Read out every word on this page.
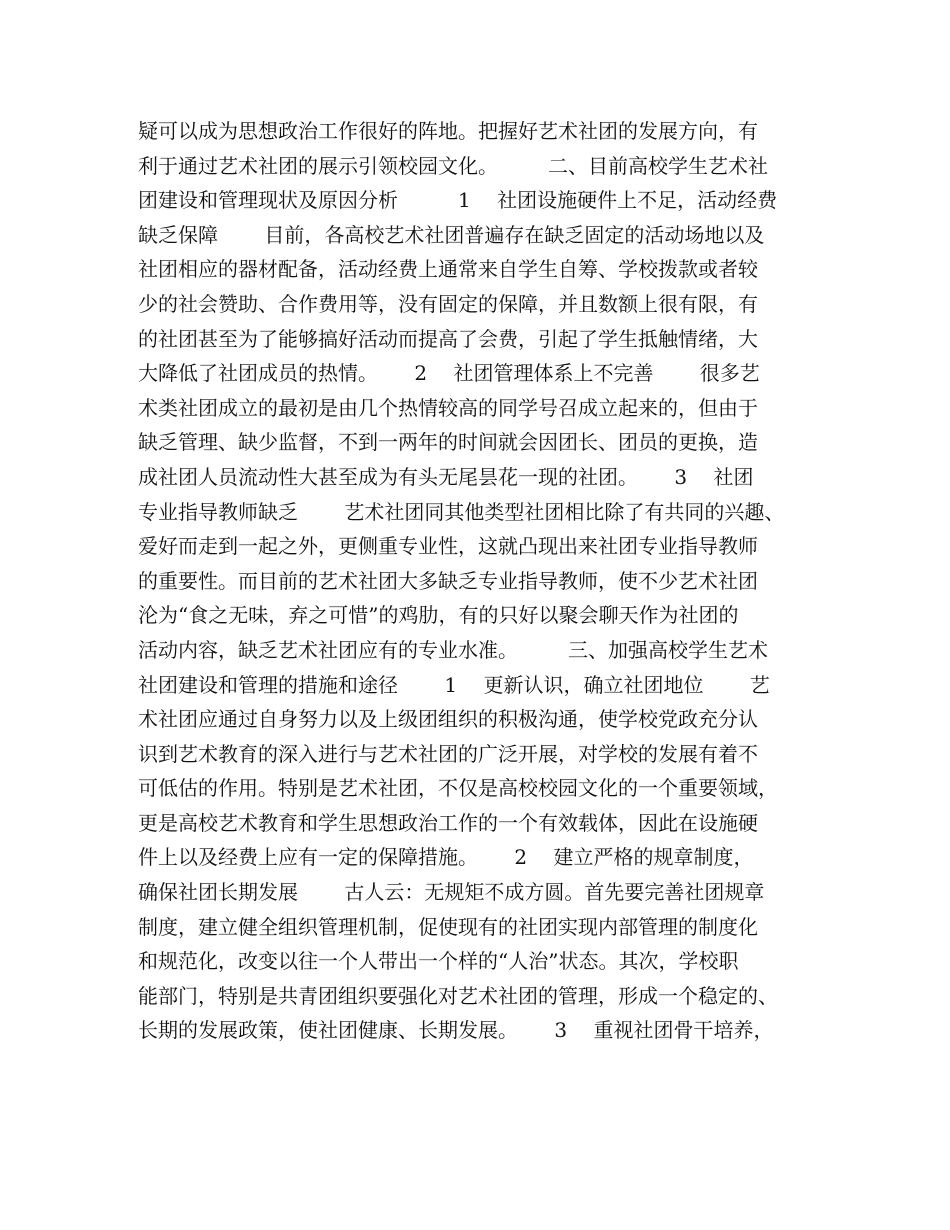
疑可以成为思想政治工作很好的阵地。把握好艺术社团的发展方向，有
利于通过艺术社团的展示引领校园文化。　　　二、目前高校学生艺术社
团建设和管理现状及原因分析　　　1　 社团设施硬件上不足，活动经费
缺乏保障　　 目前，各高校艺术社团普遍存在缺乏固定的活动场地以及
社团相应的器材配备，活动经费上通常来自学生自筹、学校拨款或者较
少的社会赞助、合作费用等，没有固定的保障，并且数额上很有限，有
的社团甚至为了能够搞好活动而提高了会费，引起了学生抵触情绪，大
大降低了社团成员的热情。　　 2　 社团管理体系上不完善　　 很多艺
术类社团成立的最初是由几个热情较高的同学号召成立起来的，但由于
缺乏管理、缺少监督，不到一两年的时间就会因团长、团员的更换，造
成社团人员流动性大甚至成为有头无尾昙花一现的社团。　　 3　 社团
专业指导教师缺乏　　 艺术社团同其他类型社团相比除了有共同的兴趣、
爱好而走到一起之外，更侧重专业性，这就凸现出来社团专业指导教师
的重要性。而目前的艺术社团大多缺乏专业指导教师，使不少艺术社团
沦为“食之无味，弃之可惜”的鸡肋，有的只好以聚会聊天作为社团的
活动内容，缺乏艺术社团应有的专业水准。　　　三、加强高校学生艺术
社团建设和管理的措施和途径　　 1　 更新认识，确立社团地位　　 艺
术社团应通过自身努力以及上级团组织的积极沟通，使学校党政充分认
识到艺术教育的深入进行与艺术社团的广泛开展，对学校的发展有着不
可低估的作用。特别是艺术社团，不仅是高校校园文化的一个重要领域，
更是高校艺术教育和学生思想政治工作的一个有效载体，因此在设施硬
件上以及经费上应有一定的保障措施。　　 2　 建立严格的规章制度，
确保社团长期发展　　 古人云：无规矩不成方圆。首先要完善社团规章
制度，建立健全组织管理机制，促使现有的社团实现内部管理的制度化
和规范化，改变以往一个人带出一个样的“人治”状态。其次，学校职
能部门，特别是共青团组织要强化对艺术社团的管理，形成一个稳定的、
长期的发展政策，使社团健康、长期发展。　　 3　 重视社团骨干培养，
